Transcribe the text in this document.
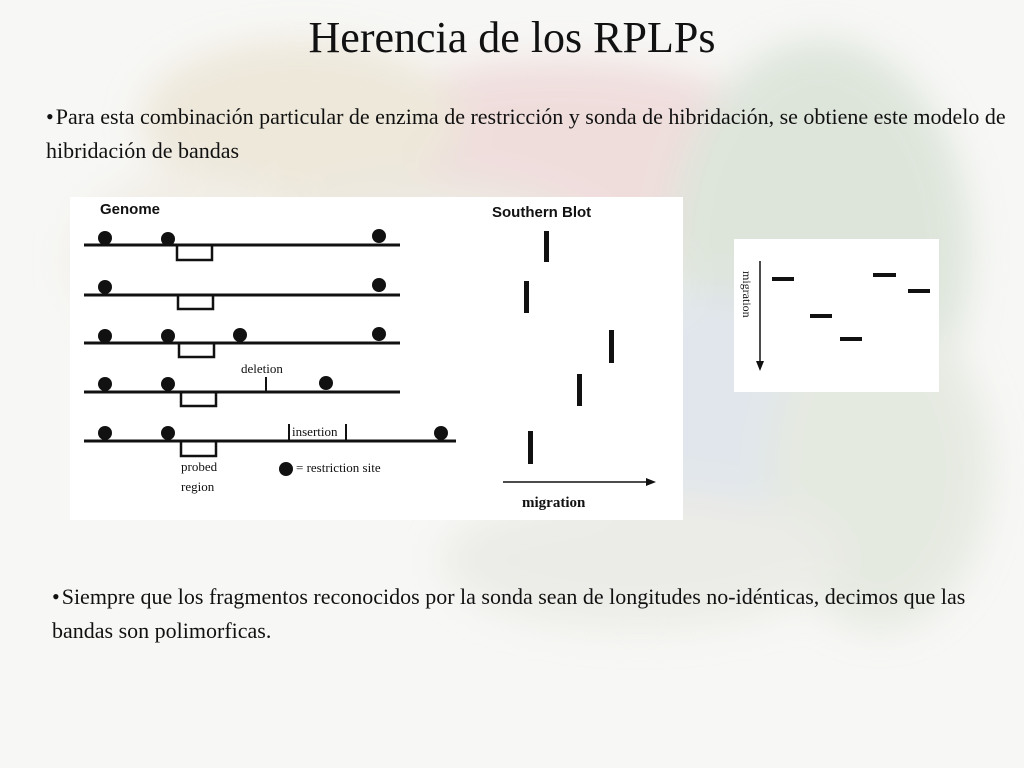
Herencia de los RPLPs
•Para esta combinación particular de enzima de restricción y sonda de hibridación, se obtiene este modelo de hibridación de bandas
Genome	Southern Blot
deletion
insertion
probed
region
= restriction site
migration
migration
•Siempre que los fragmentos reconocidos por la sonda sean de longitudes no-idénticas, decimos que las bandas son polimorficas.
